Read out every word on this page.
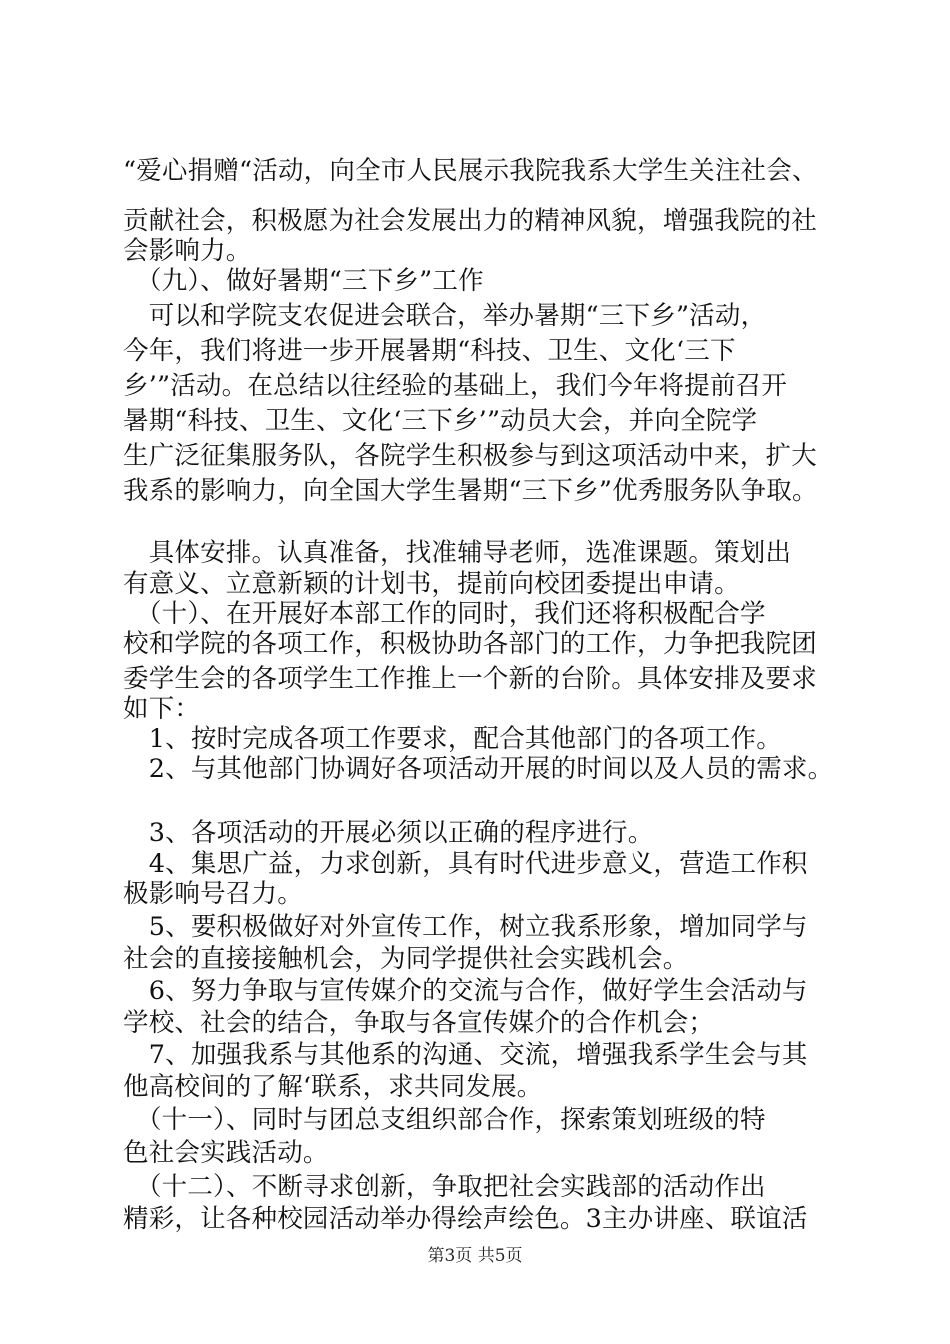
“爱心捐赠“活动，向全市人民展示我院我系大学生关注社会、
贡献社会，积极愿为社会发展出力的精神风貌，增强我院的社
会影响力。
　（九）、做好暑期“三下乡”工作
　可以和学院支农促进会联合，举办暑期“三下乡”活动，
今年，我们将进一步开展暑期“科技、卫生、文化‘三下
乡’”活动。在总结以往经验的基础上，我们今年将提前召开
暑期“科技、卫生、文化‘三下乡’”动员大会，并向全院学
生广泛征集服务队，各院学生积极参与到这项活动中来，扩大
我系的影响力，向全国大学生暑期“三下乡”优秀服务队争取。
　具体安排。认真准备，找准辅导老师，选准课题。策划出
有意义、立意新颖的计划书，提前向校团委提出申请。
　（十）、在开展好本部工作的同时，我们还将积极配合学
校和学院的各项工作，积极协助各部门的工作，力争把我院团
委学生会的各项学生工作推上一个新的台阶。具体安排及要求
如下：
　1、按时完成各项工作要求，配合其他部门的各项工作。
　2、与其他部门协调好各项活动开展的时间以及人员的需求。
　3、各项活动的开展必须以正确的程序进行。
　4、集思广益，力求创新，具有时代进步意义，营造工作积
极影响号召力。
　5、要积极做好对外宣传工作，树立我系形象，增加同学与
社会的直接接触机会，为同学提供社会实践机会。
　6、努力争取与宣传媒介的交流与合作，做好学生会活动与
学校、社会的结合，争取与各宣传媒介的合作机会；
　7、加强我系与其他系的沟通、交流，增强我系学生会与其
他高校间的了解‘联系，求共同发展。
　（十一）、同时与团总支组织部合作，探索策划班级的特
色社会实践活动。
　（十二）、不断寻求创新，争取把社会实践部的活动作出
精彩，让各种校园活动举办得绘声绘色。3主办讲座、联谊活
第3页 共5页
